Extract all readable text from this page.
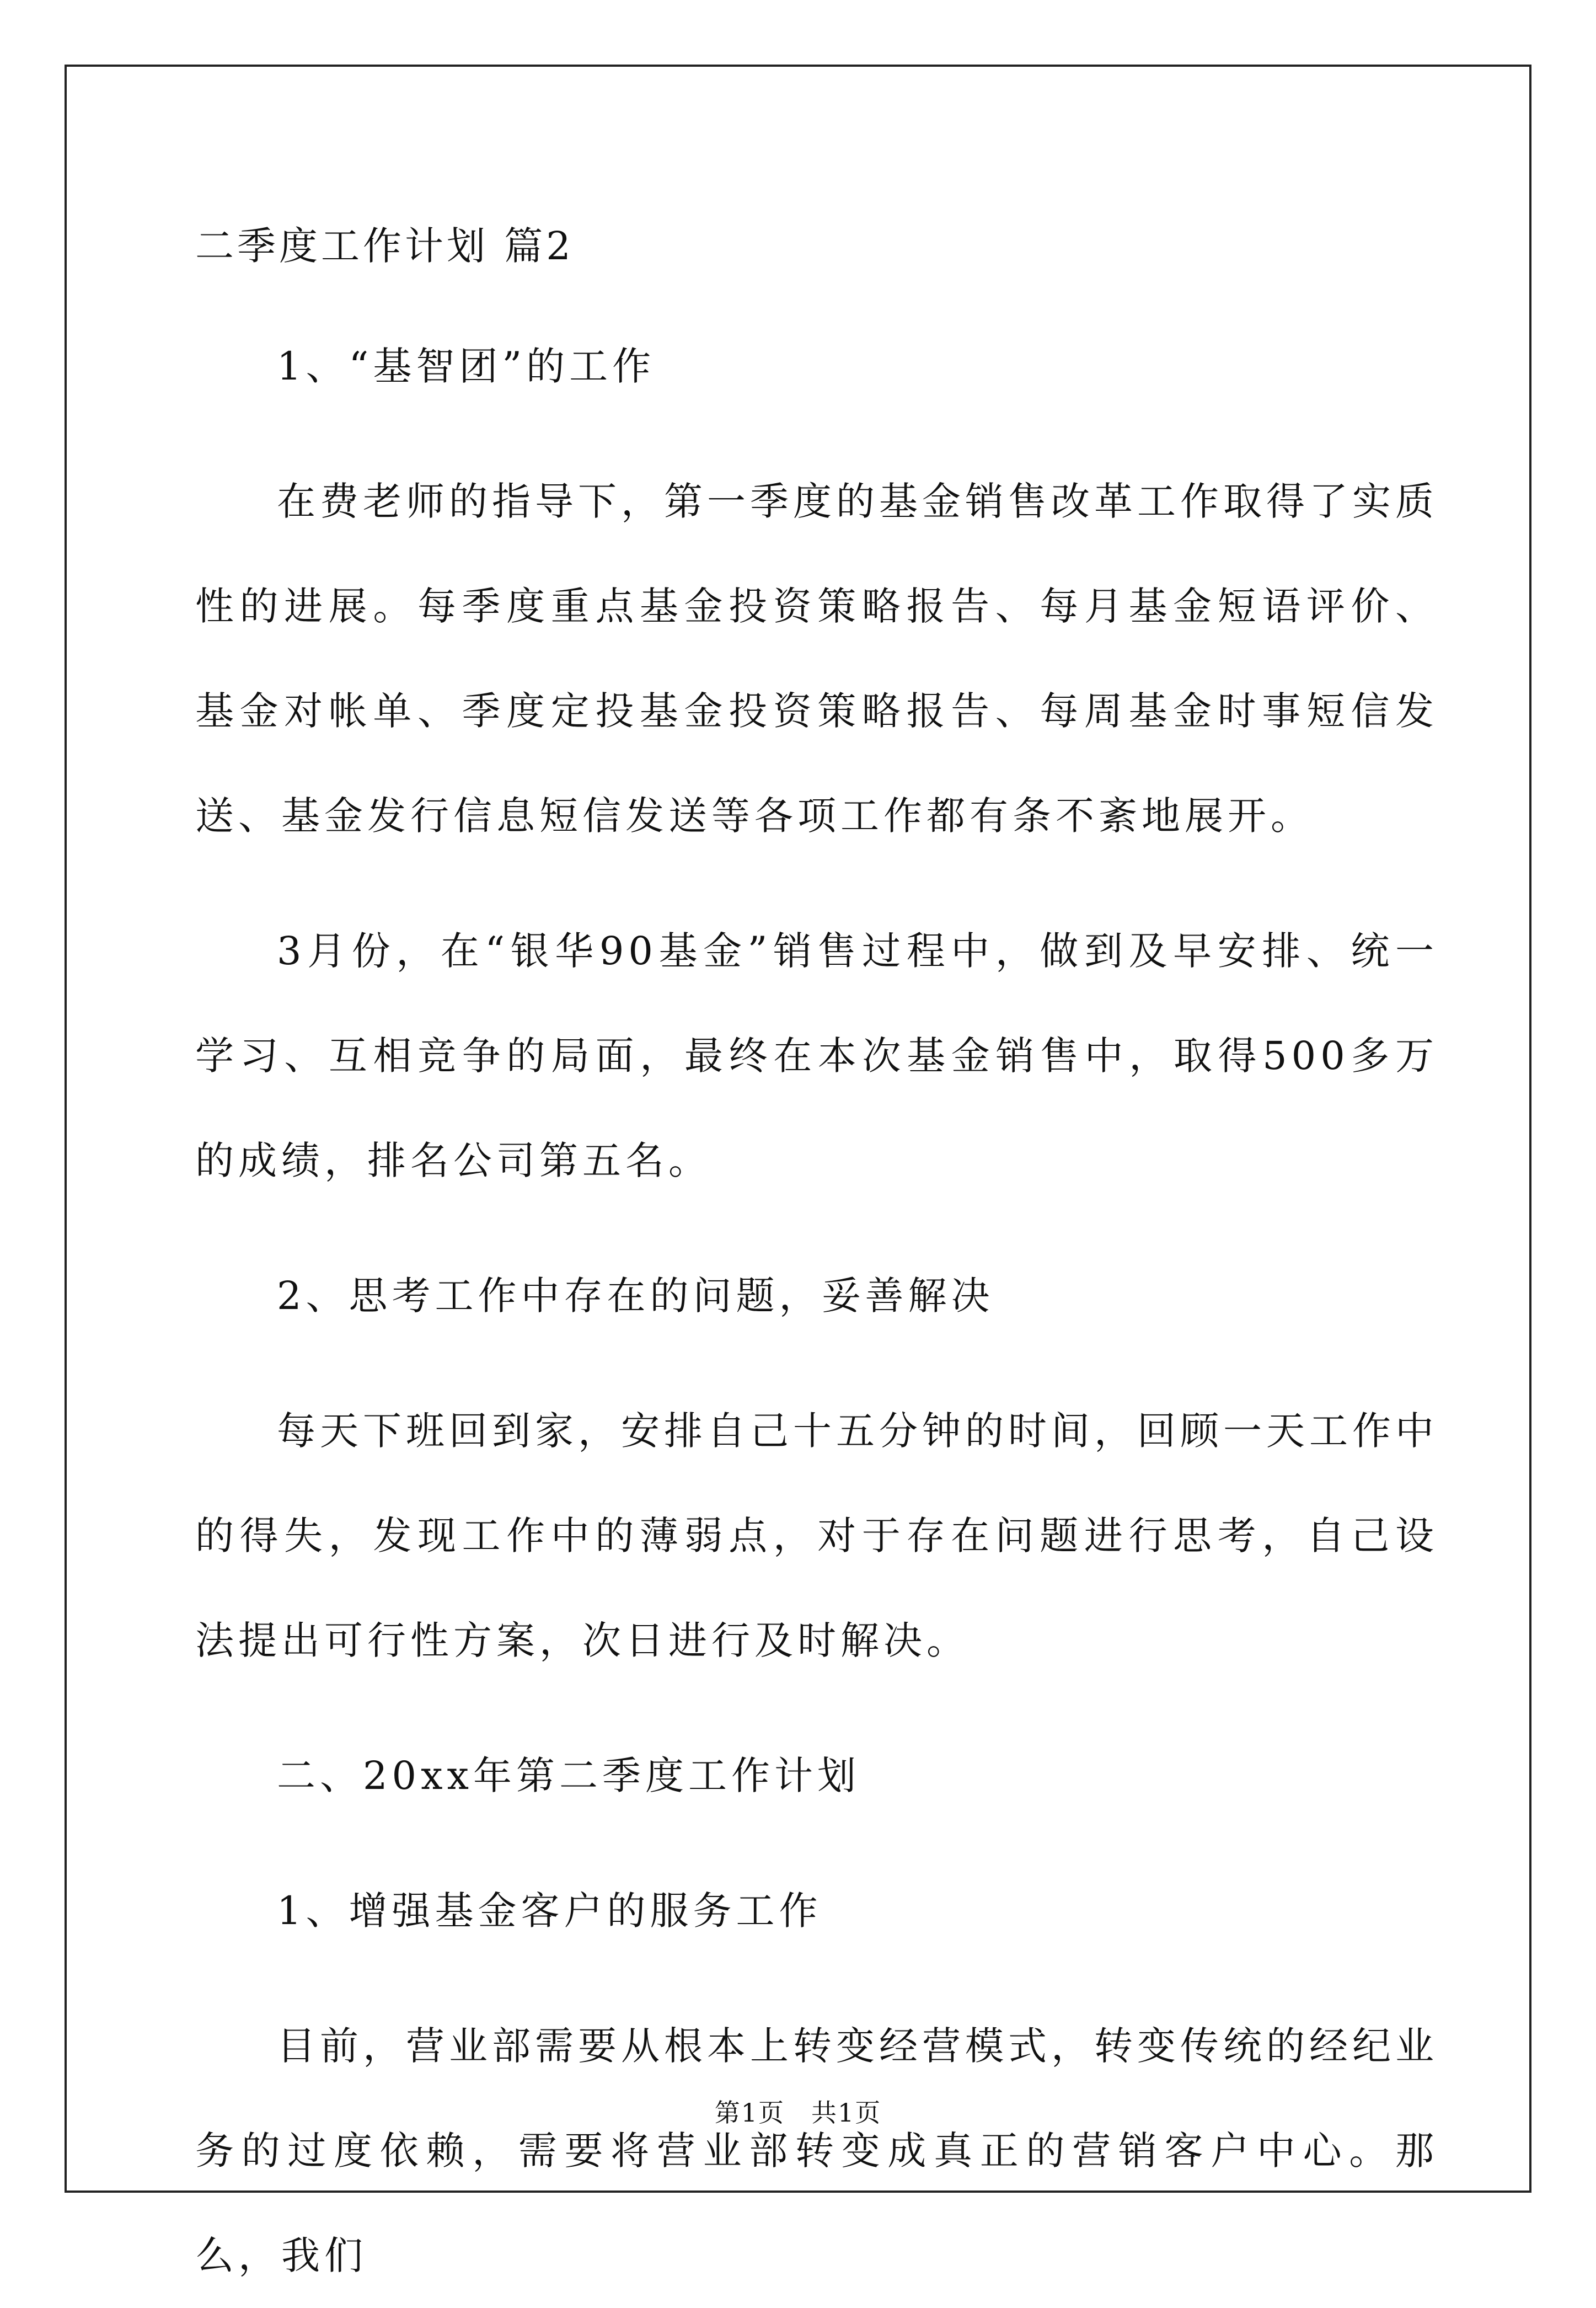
二季度工作计划 篇2

1、“基智团”的工作

在费老师的指导下，第一季度的基金销售改革工作取得了实质性的进展。每季度重点基金投资策略报告、每月基金短语评价、基金对帐单、季度定投基金投资策略报告、每周基金时事短信发送、基金发行信息短信发送等各项工作都有条不紊地展开。

3月份，在“银华90基金”销售过程中，做到及早安排、统一学习、互相竞争的局面，最终在本次基金销售中，取得500多万的成绩，排名公司第五名。

2、思考工作中存在的问题，妥善解决

每天下班回到家，安排自己十五分钟的时间，回顾一天工作中的得失，发现工作中的薄弱点，对于存在问题进行思考，自己设法提出可行性方案，次日进行及时解决。

二、20xx年第二季度工作计划

1、增强基金客户的服务工作

目前，营业部需要从根本上转变经营模式，转变传统的经纪业务的过度依赖，需要将营业部转变成真正的营销客户中心。那么，我们

第1页 共1页
